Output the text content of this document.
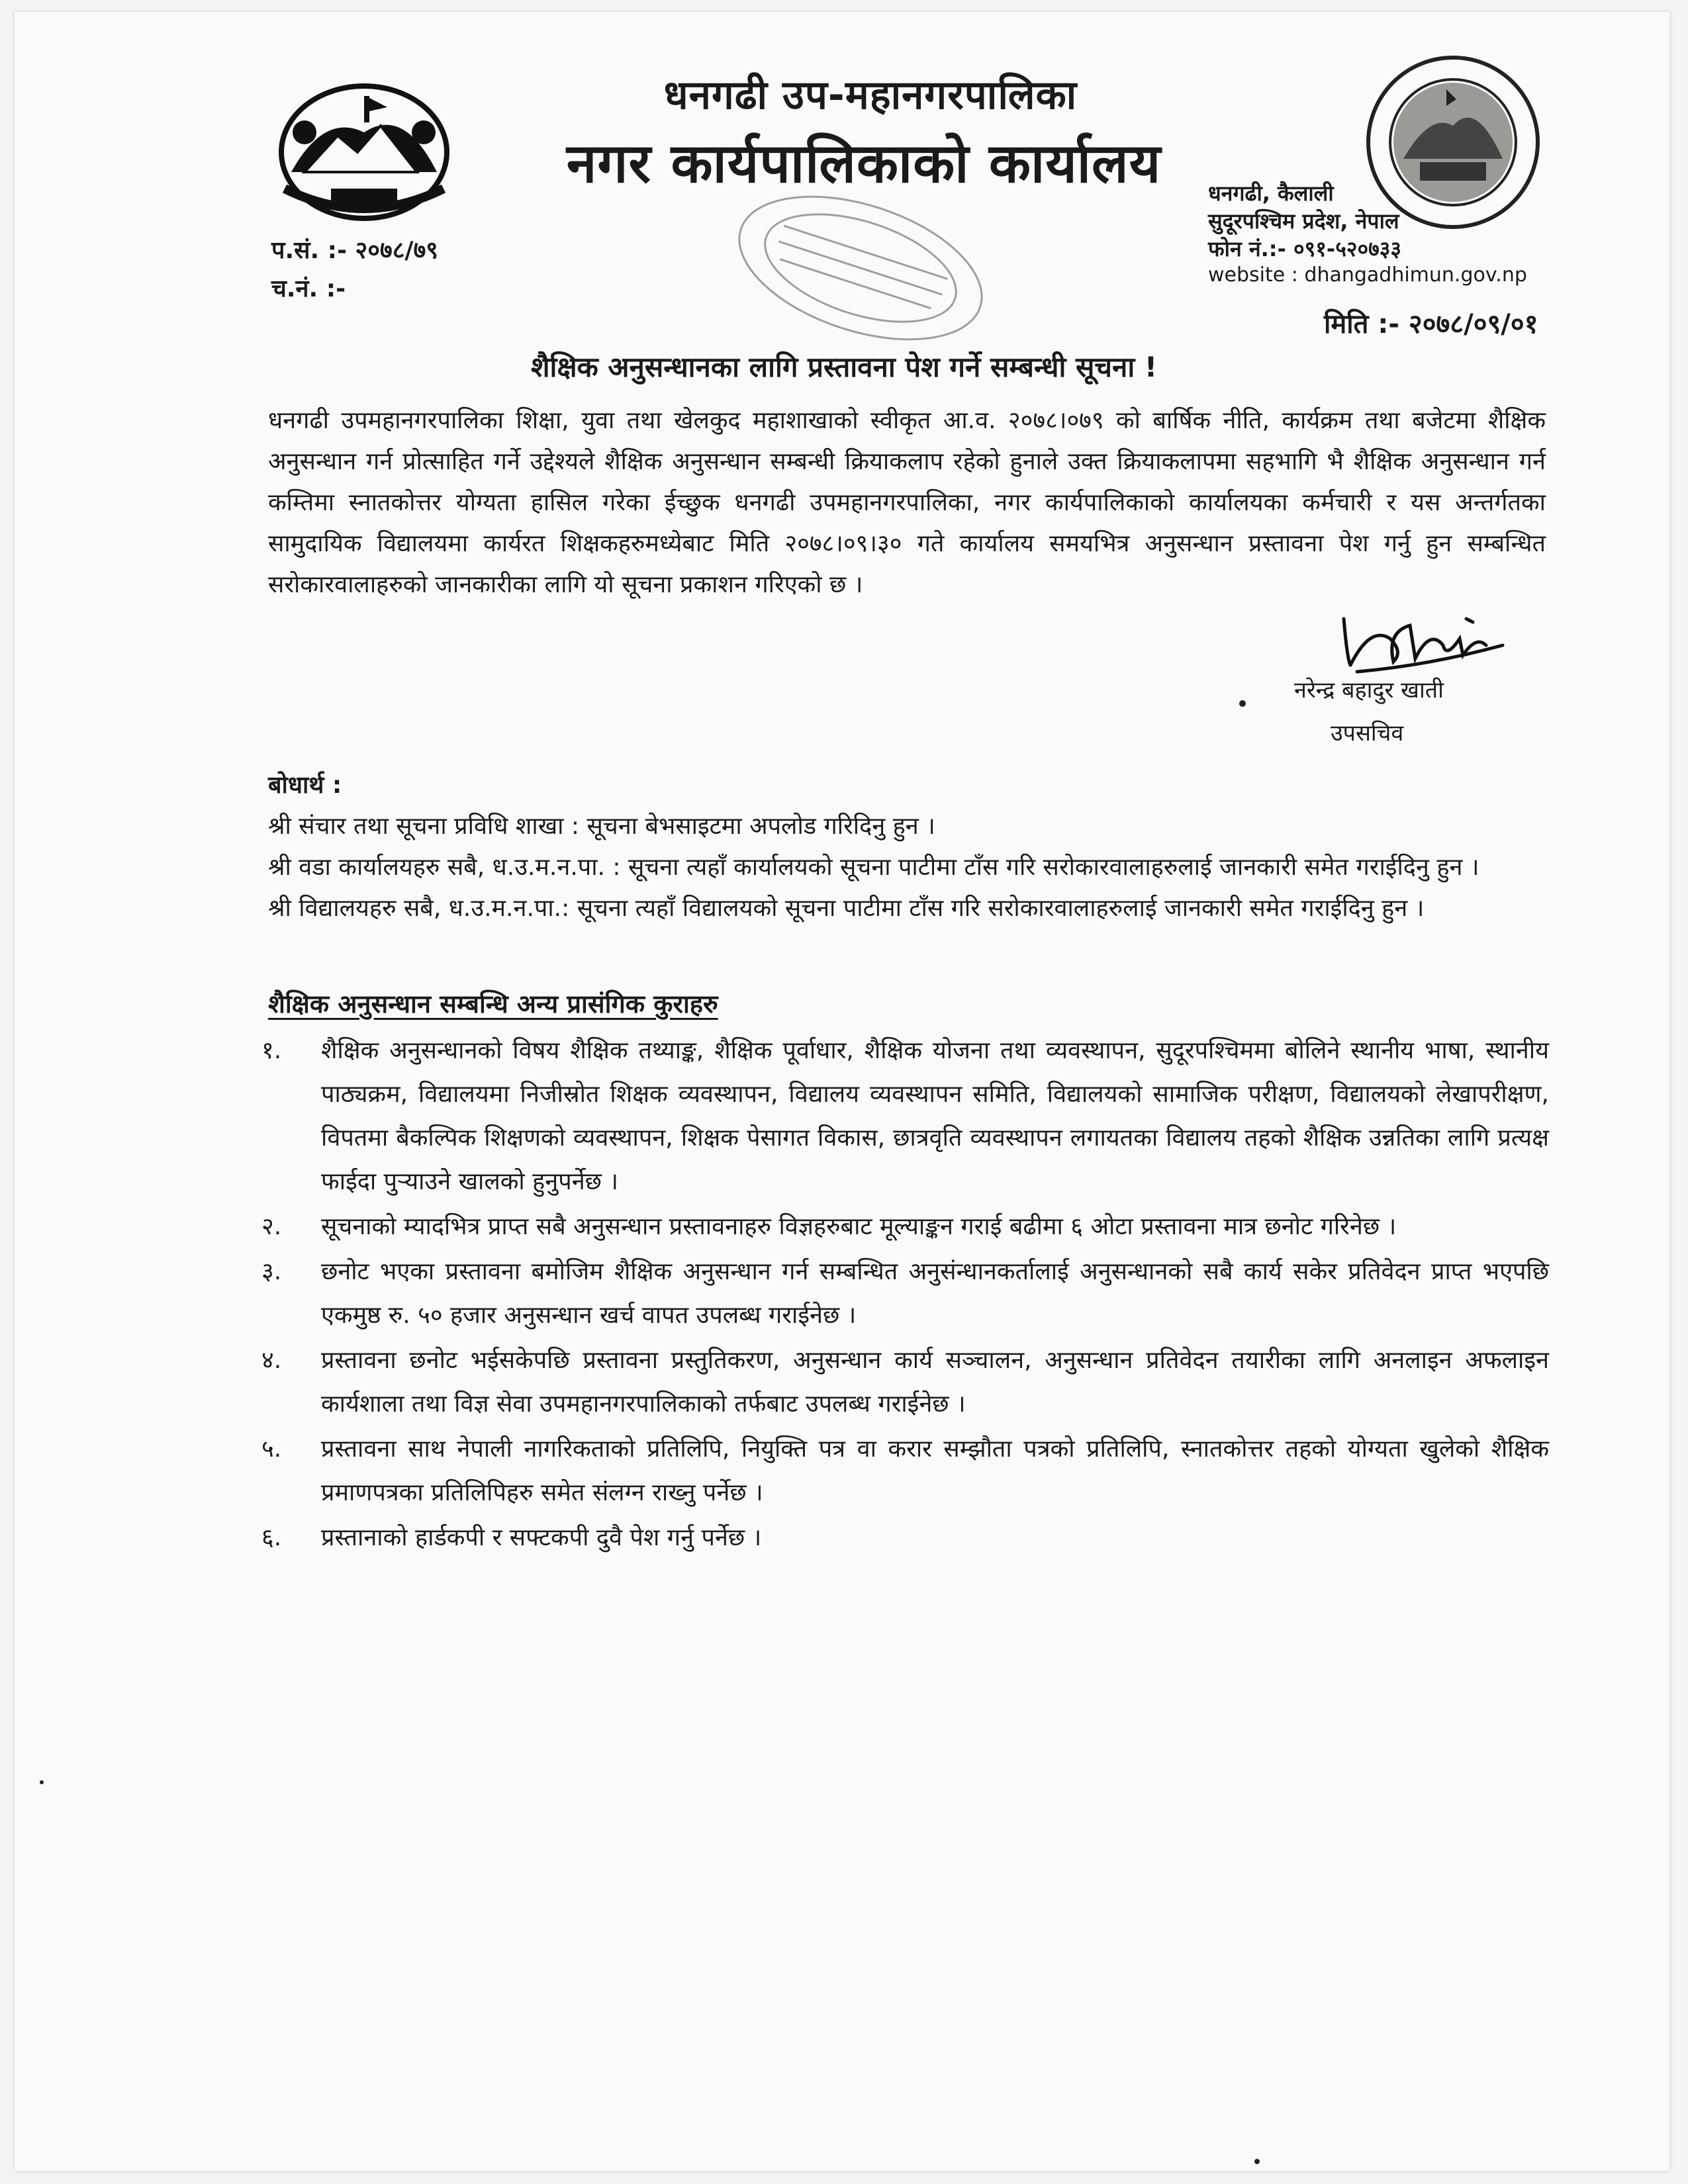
धनगढी उप-महानगरपालिका
नगर कार्यपालिकाको कार्यालय	धनगढी, कैलाली
सुदूरपश्चिम प्रदेश, नेपाल
फोन नं.:- ०९१-५२०७३३
website : dhangadhimun.gov.np
प.सं. :- २०७८/७९
च.नं. :-
मिति :- २०७८/०९/०१
शैक्षिक अनुसन्धानका लागि प्रस्तावना पेश गर्ने सम्बन्धी सूचना !
धनगढी उपमहानगरपालिका शिक्षा, युवा तथा खेलकुद महाशाखाको स्वीकृत आ.व. २०७८।०७९ को बार्षिक नीति, कार्यक्रम तथा बजेटमा शैक्षिक अनुसन्धान गर्न प्रोत्साहित गर्ने उद्देश्यले शैक्षिक अनुसन्धान सम्बन्धी क्रियाकलाप रहेको हुनाले उक्त क्रियाकलापमा सहभागि भै शैक्षिक अनुसन्धान गर्न कम्तिमा स्नातकोत्तर योग्यता हासिल गरेका ईच्छुक धनगढी उपमहानगरपालिका, नगर कार्यपालिकाको कार्यालयका कर्मचारी र यस अन्तर्गतका सामुदायिक विद्यालयमा कार्यरत शिक्षकहरुमध्येबाट मिति २०७८।०९।३० गते कार्यालय समयभित्र अनुसन्धान प्रस्तावना पेश गर्नु हुन सम्बन्धित सरोकारवालाहरुको जानकारीका लागि यो सूचना प्रकाशन गरिएको छ ।
नरेन्द्र बहादुर खाती
उपसचिव
बोधार्थ :
श्री संचार तथा सूचना प्रविधि शाखा : सूचना बेभसाइटमा अपलोड गरिदिनु हुन ।
श्री वडा कार्यालयहरु सबै, ध.उ.म.न.पा. : सूचना त्यहाँ कार्यालयको सूचना पाटीमा टाँस गरि सरोकारवालाहरुलाई जानकारी समेत गराईदिनु हुन ।
श्री विद्यालयहरु सबै, ध.उ.म.न.पा.: सूचना त्यहाँ विद्यालयको सूचना पाटीमा टाँस गरि सरोकारवालाहरुलाई जानकारी समेत गराईदिनु हुन ।
शैक्षिक अनुसन्धान सम्बन्धि अन्य प्रासंगिक कुराहरु
१.	शैक्षिक अनुसन्धानको विषय शैक्षिक तथ्याङ्क, शैक्षिक पूर्वाधार, शैक्षिक योजना तथा व्यवस्थापन, सुदूरपश्चिममा बोलिने स्थानीय भाषा, स्थानीय पाठ्यक्रम, विद्यालयमा निजीस्रोत शिक्षक व्यवस्थापन, विद्यालय व्यवस्थापन समिति, विद्यालयको सामाजिक परीक्षण, विद्यालयको लेखापरीक्षण, विपतमा बैकल्पिक शिक्षणको व्यवस्थापन, शिक्षक पेसागत विकास, छात्रवृति व्यवस्थापन लगायतका विद्यालय तहको शैक्षिक उन्नतिका लागि प्रत्यक्ष फाईदा पुर्‍याउने खालको हुनुपर्नेछ ।
२.	सूचनाको म्यादभित्र प्राप्त सबै अनुसन्धान प्रस्तावनाहरु विज्ञहरुबाट मूल्याङ्कन गराई बढीमा ६ ओटा प्रस्तावना मात्र छनोट गरिनेछ ।
३.	छनोट भएका प्रस्तावना बमोजिम शैक्षिक अनुसन्धान गर्न सम्बन्धित अनुसंन्धानकर्तालाई अनुसन्धानको सबै कार्य सकेर प्रतिवेदन प्राप्त भएपछि एकमुष्ठ रु. ५० हजार अनुसन्धान खर्च वापत उपलब्ध गराईनेछ ।
४.	प्रस्तावना छनोट भईसकेपछि प्रस्तावना प्रस्तुतिकरण, अनुसन्धान कार्य सञ्चालन, अनुसन्धान प्रतिवेदन तयारीका लागि अनलाइन अफलाइन कार्यशाला तथा विज्ञ सेवा उपमहानगरपालिकाको तर्फबाट उपलब्ध गराईनेछ ।
५.	प्रस्तावना साथ नेपाली नागरिकताको प्रतिलिपि, नियुक्ति पत्र वा करार सम्झौता पत्रको प्रतिलिपि, स्नातकोत्तर तहको योग्यता खुलेको शैक्षिक प्रमाणपत्रका प्रतिलिपिहरु समेत संलग्न राख्नु पर्नेछ ।
६.	प्रस्तानाको हार्डकपी र सफ्टकपी दुवै पेश गर्नु पर्नेछ ।
